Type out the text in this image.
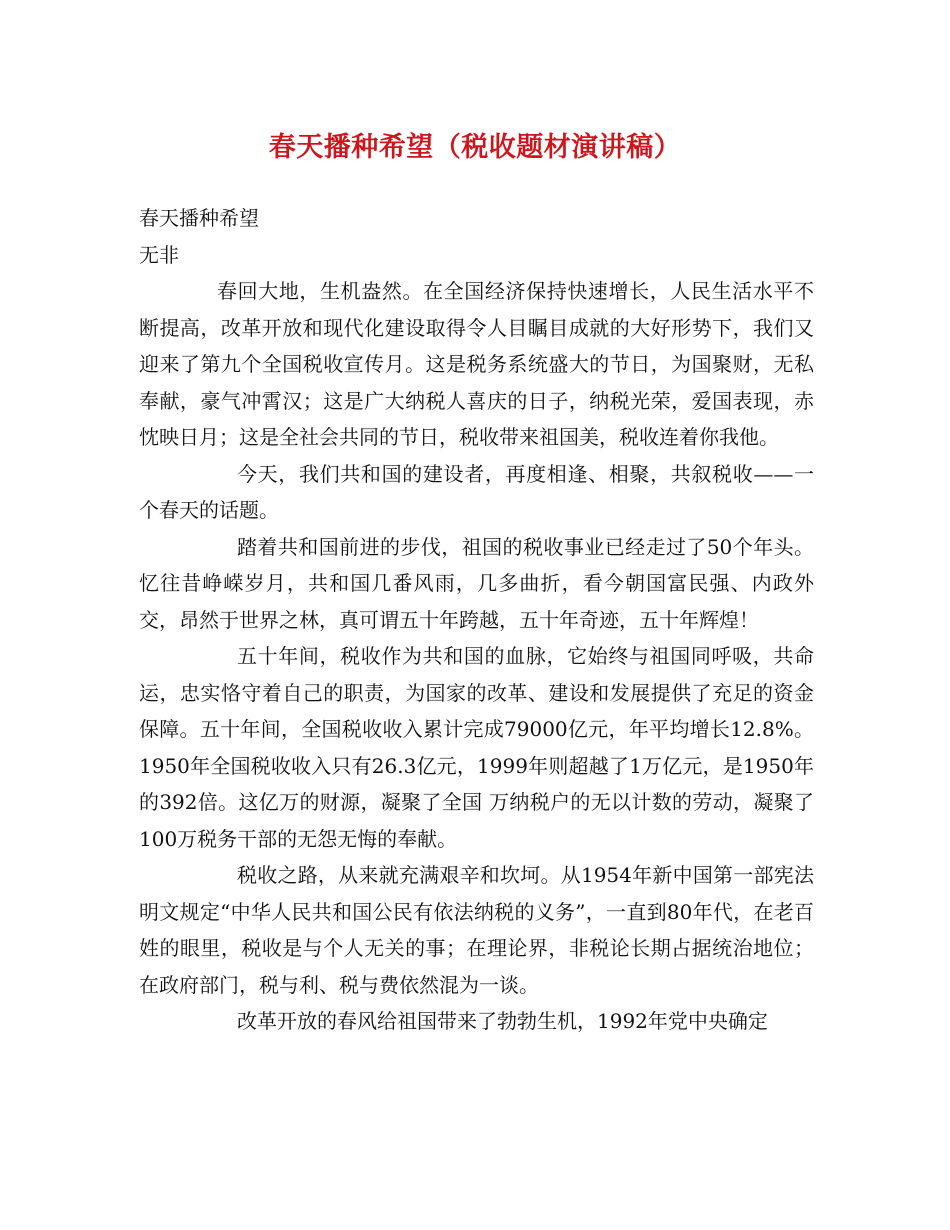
春天播种希望（税收题材演讲稿）
春天播种希望
无非

春回大地，生机盎然。在全国经济保持快速增长，人民生活水平不断提高，改革开放和现代化建设取得令人目瞩目成就的大好形势下，我们又迎来了第九个全国税收宣传月。这是税务系统盛大的节日，为国聚财，无私奉献，豪气冲霄汉；这是广大纳税人喜庆的日子，纳税光荣，爱国表现，赤忱映日月；这是全社会共同的节日，税收带来祖国美，税收连着你我他。

今天，我们共和国的建设者，再度相逢、相聚，共叙税收——一个春天的话题。

踏着共和国前进的步伐，祖国的税收事业已经走过了50个年头。忆往昔峥嵘岁月，共和国几番风雨，几多曲折，看今朝国富民强、内政外交，昂然于世界之林，真可谓五十年跨越，五十年奇迹，五十年辉煌！

五十年间，税收作为共和国的血脉，它始终与祖国同呼吸，共命运，忠实恪守着自己的职责，为国家的改革、建设和发展提供了充足的资金保障。五十年间，全国税收收入累计完成79000亿元，年平均增长12.8%。1950年全国税收收入只有26.3亿元，1999年则超越了1万亿元，是1950年的392倍。这亿万的财源，凝聚了全国 万纳税户的无以计数的劳动，凝聚了100万税务干部的无怨无悔的奉献。

税收之路，从来就充满艰辛和坎坷。从1954年新中国第一部宪法明文规定“中华人民共和国公民有依法纳税的义务”，一直到80年代，在老百姓的眼里，税收是与个人无关的事；在理论界，非税论长期占据统治地位；在政府部门，税与利、税与费依然混为一谈。

改革开放的春风给祖国带来了勃勃生机，1992年党中央确定
